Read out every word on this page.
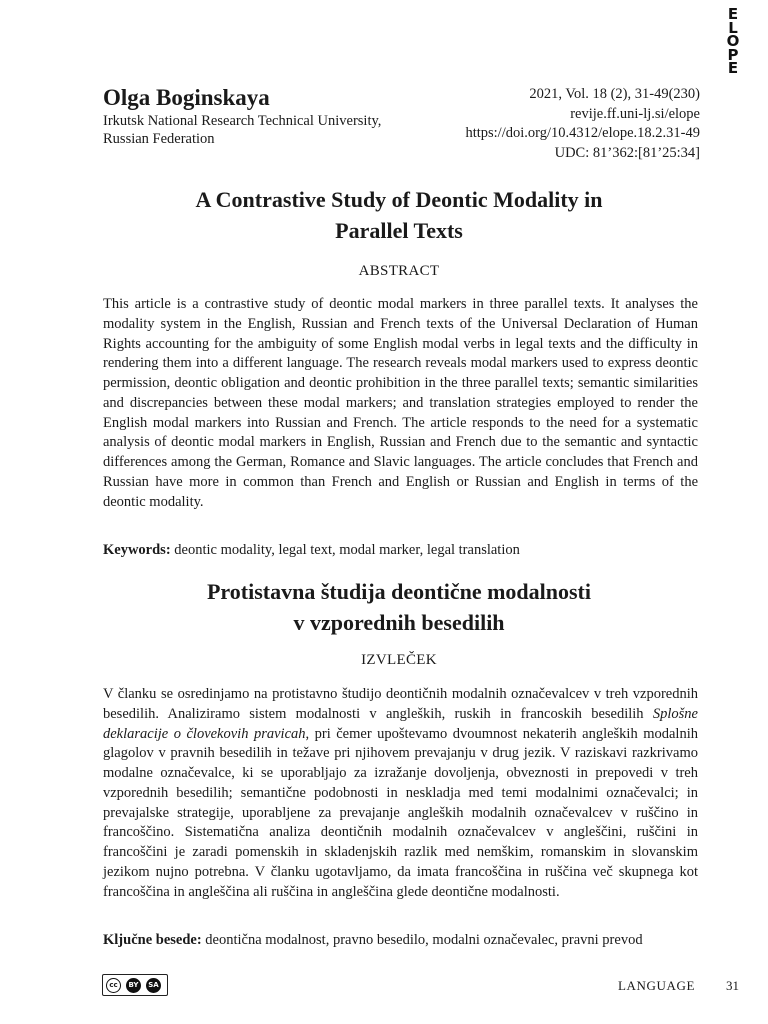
E
L
O
P
E
Olga Boginskaya
Irkutsk National Research Technical University,
Russian Federation
2021, Vol. 18 (2), 31-49(230)
revije.ff.uni-lj.si/elope
https://doi.org/10.4312/elope.18.2.31-49
UDC: 81’362:[81’25:34]
A Contrastive Study of Deontic Modality in
Parallel Texts
ABSTRACT
This article is a contrastive study of deontic modal markers in three parallel texts. It analyses the modality system in the English, Russian and French texts of the Universal Declaration of Human Rights accounting for the ambiguity of some English modal verbs in legal texts and the difficulty in rendering them into a different language. The research reveals modal markers used to express deontic permission, deontic obligation and deontic prohibition in the three parallel texts; semantic similarities and discrepancies between these modal markers; and translation strategies employed to render the English modal markers into Russian and French. The article responds to the need for a systematic analysis of deontic modal markers in English, Russian and French due to the semantic and syntactic differences among the German, Romance and Slavic languages. The article concludes that French and Russian have more in common than French and English or Russian and English in terms of the deontic modality.
Keywords: deontic modality, legal text, modal marker, legal translation
Protistavna študija deontične modalnosti
v vzporednih besedilih
IZVLEČEK
V članku se osredinjamo na protistavno študijo deontičnih modalnih označevalcev v treh vzporednih besedilih. Analiziramo sistem modalnosti v angleških, ruskih in francoskih besedilih Splošne deklaracije o človekovih pravicah, pri čemer upoštevamo dvoumnost nekaterih angleških modalnih glagolov v pravnih besedilih in težave pri njihovem prevajanju v drug jezik. V raziskavi razkrivamo modalne označevalce, ki se uporabljajo za izražanje dovoljenja, obveznosti in prepovedi v treh vzporednih besedilih; semantične podobnosti in neskladja med temi modalnimi označevalci; in prevajalske strategije, uporabljene za prevajanje angleških modalnih označevalcev v ruščino in francoščino. Sistematična analiza deontičnih modalnih označevalcev v angleščini, ruščini in francoščini je zaradi pomenskih in skladenjskih razlik med nemškim, romanskim in slovanskim jezikom nujno potrebna. V članku ugotavljamo, da imata francoščina in ruščina več skupnega kot francoščina in angleščina ali ruščina in angleščina glede deontične modalnosti.
Ključne besede: deontična modalnost, pravno besedilo, modalni označevalec, pravni prevod
cc	BY	SA	LANGUAGE 31
